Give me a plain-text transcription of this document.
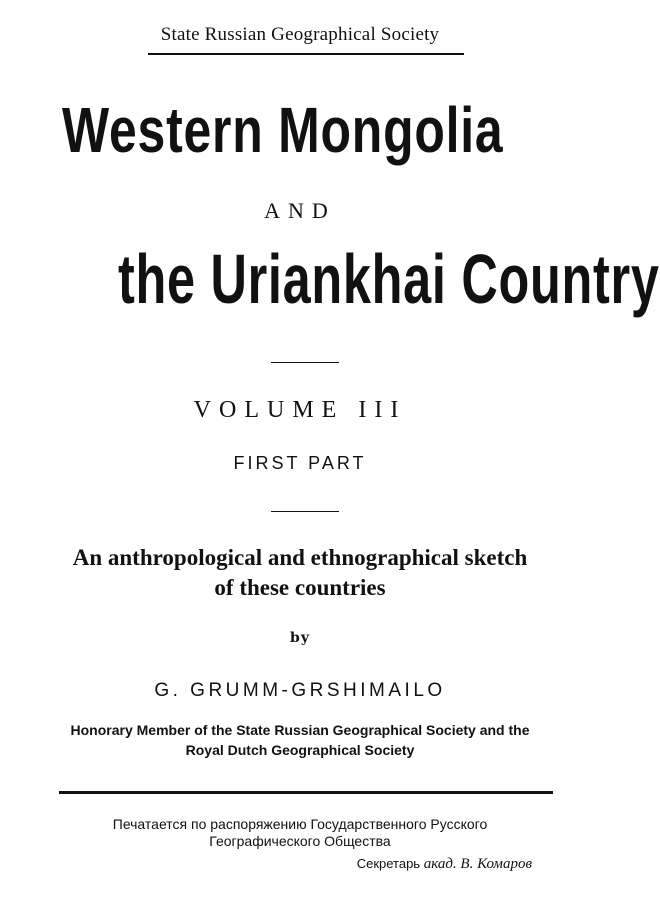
State Russian Geographical Society
Western Mongolia
AND
the Uriankhai Country
VOLUME III
FIRST PART
An anthropological and ethnographical sketch
of these countries
by
G. GRUMM-GRSHIMAILO
Honorary Member of the State Russian Geographical Society and the
Royal Dutch Geographical Society
Печатается по распоряжению Государственного Русского
Географического Общества
Секретарь акад. В. Комаров
